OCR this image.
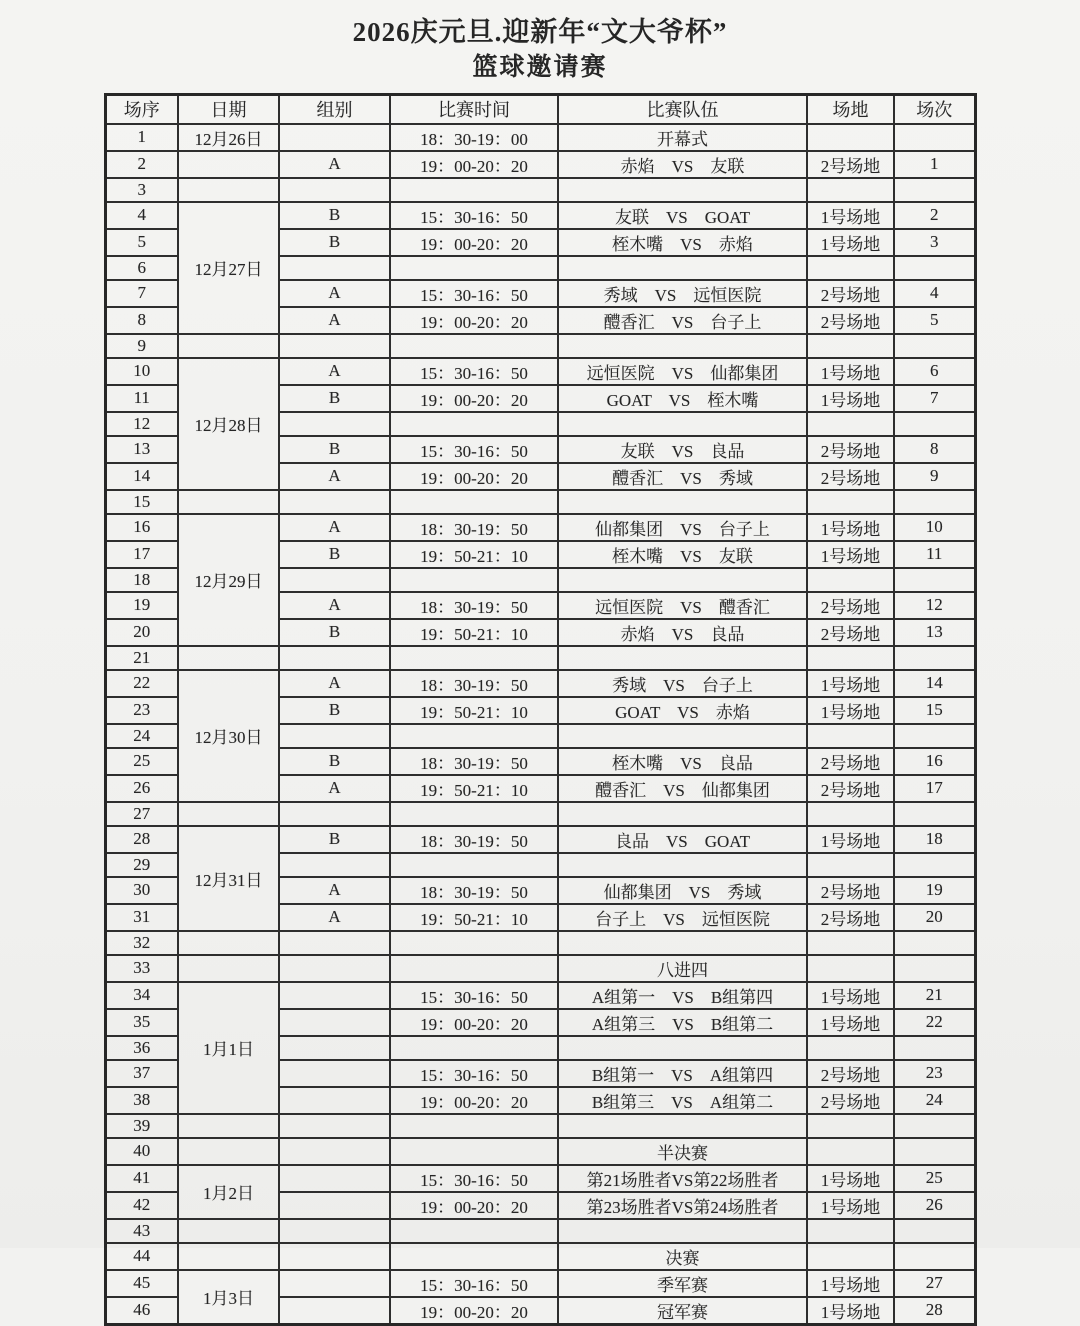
2026庆元旦.迎新年“文大爷杯”
篮球邀请赛
场序	日期	组别	比赛时间	比赛队伍	场地	场次
1	12月26日		18：30-19：00	开幕式		
2		A	19：00-20：20	赤焰　VS　友联	2号场地	1
3						
4	12月27日	B	15：30-16：50	友联　VS　GOAT	1号场地	2
5		B	19：00-20：20	桎木嘴　VS　赤焰	1号场地	3
6						
7		A	15：30-16：50	秀域　VS　远恒医院	2号场地	4
8		A	19：00-20：20	醴香汇　VS　台子上	2号场地	5
9						
10	12月28日	A	15：30-16：50	远恒医院　VS　仙都集团	1号场地	6
11		B	19：00-20：20	GOAT　VS　桎木嘴	1号场地	7
12						
13		B	15：30-16：50	友联　VS　良品	2号场地	8
14		A	19：00-20：20	醴香汇　VS　秀域	2号场地	9
15						
16	12月29日	A	18：30-19：50	仙都集团　VS　台子上	1号场地	10
17		B	19：50-21：10	桎木嘴　VS　友联	1号场地	11
18						
19		A	18：30-19：50	远恒医院　VS　醴香汇	2号场地	12
20		B	19：50-21：10	赤焰　VS　良品	2号场地	13
21						
22	12月30日	A	18：30-19：50	秀域　VS　台子上	1号场地	14
23		B	19：50-21：10	GOAT　VS　赤焰	1号场地	15
24						
25		B	18：30-19：50	桎木嘴　VS　良品	2号场地	16
26		A	19：50-21：10	醴香汇　VS　仙都集团	2号场地	17
27						
28	12月31日	B	18：30-19：50	良品　VS　GOAT	1号场地	18
29						
30		A	18：30-19：50	仙都集团　VS　秀域	2号场地	19
31		A	19：50-21：10	台子上　VS　远恒医院	2号场地	20
32						
33				八进四		
34	1月1日		15：30-16：50	A组第一　VS　B组第四	1号场地	21
35			19：00-20：20	A组第三　VS　B组第二	1号场地	22
36						
37			15：30-16：50	B组第一　VS　A组第四	2号场地	23
38			19：00-20：20	B组第三　VS　A组第二	2号场地	24
39						
40				半决赛		
41	1月2日		15：30-16：50	第21场胜者VS第22场胜者	1号场地	25
42			19：00-20：20	第23场胜者VS第24场胜者	1号场地	26
43						
44				决赛		
45	1月3日		15：30-16：50	季军赛	1号场地	27
46			19：00-20：20	冠军赛	1号场地	28
